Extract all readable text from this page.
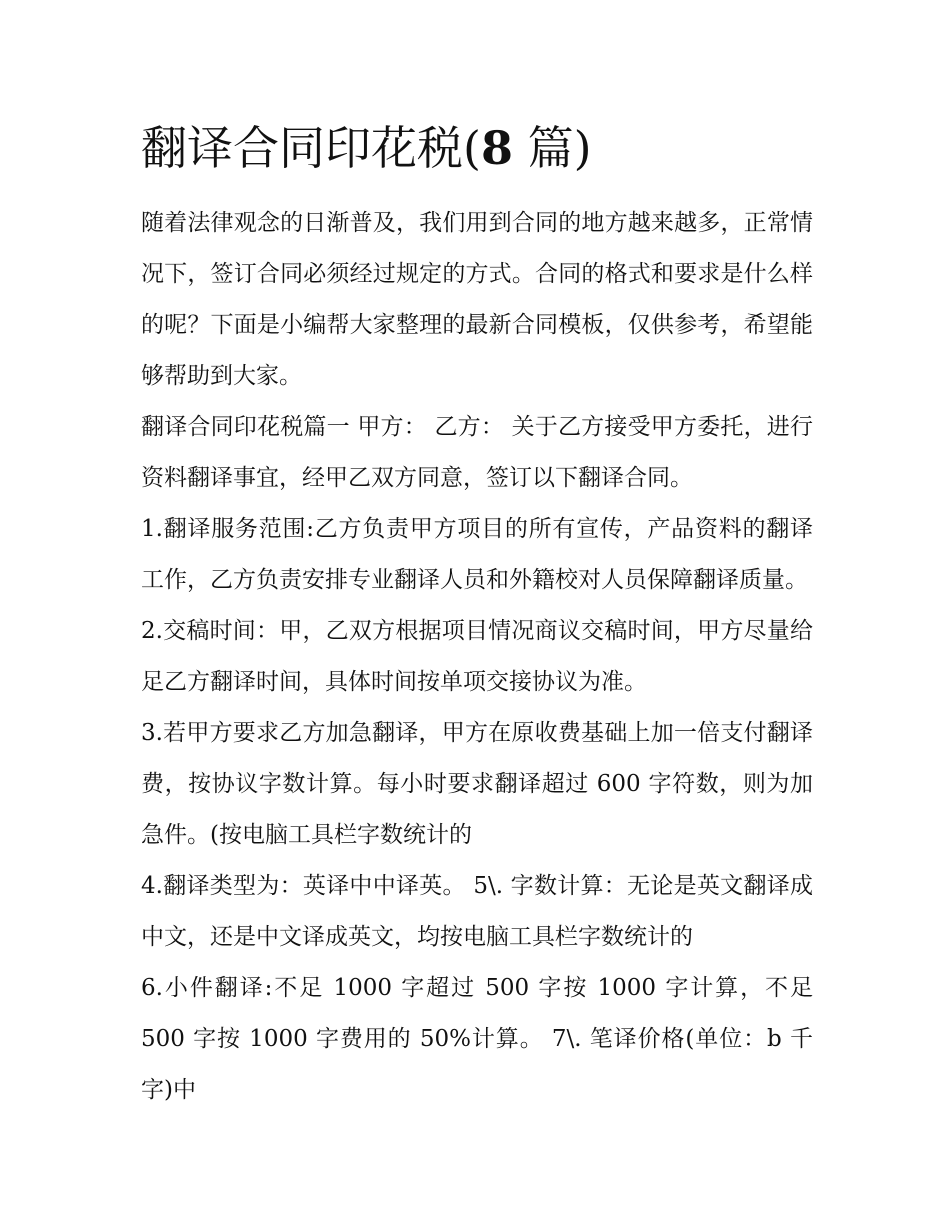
翻译合同印花税(8 篇)

随着法律观念的日渐普及，我们用到合同的地方越来越多，正常情况下，签订合同必须经过规定的方式。合同的格式和要求是什么样的呢？下面是小编帮大家整理的最新合同模板，仅供参考，希望能够帮助到大家。

翻译合同印花税篇一 甲方： 乙方： 关于乙方接受甲方委托，进行资料翻译事宜，经甲乙双方同意，签订以下翻译合同。

1.翻译服务范围:乙方负责甲方项目的所有宣传，产品资料的翻译工作，乙方负责安排专业翻译人员和外籍校对人员保障翻译质量。

2.交稿时间：甲，乙双方根据项目情况商议交稿时间，甲方尽量给足乙方翻译时间，具体时间按单项交接协议为准。

3.若甲方要求乙方加急翻译，甲方在原收费基础上加一倍支付翻译费，按协议字数计算。每小时要求翻译超过 600 字符数，则为加急件。(按电脑工具栏字数统计的

4.翻译类型为：英译中中译英。 5\. 字数计算：无论是英文翻译成中文，还是中文译成英文，均按电脑工具栏字数统计的

6.小件翻译:不足 1000 字超过 500 字按 1000 字计算，不足 500 字按 1000 字费用的 50%计算。 7\. 笔译价格(单位：b 千字)中
